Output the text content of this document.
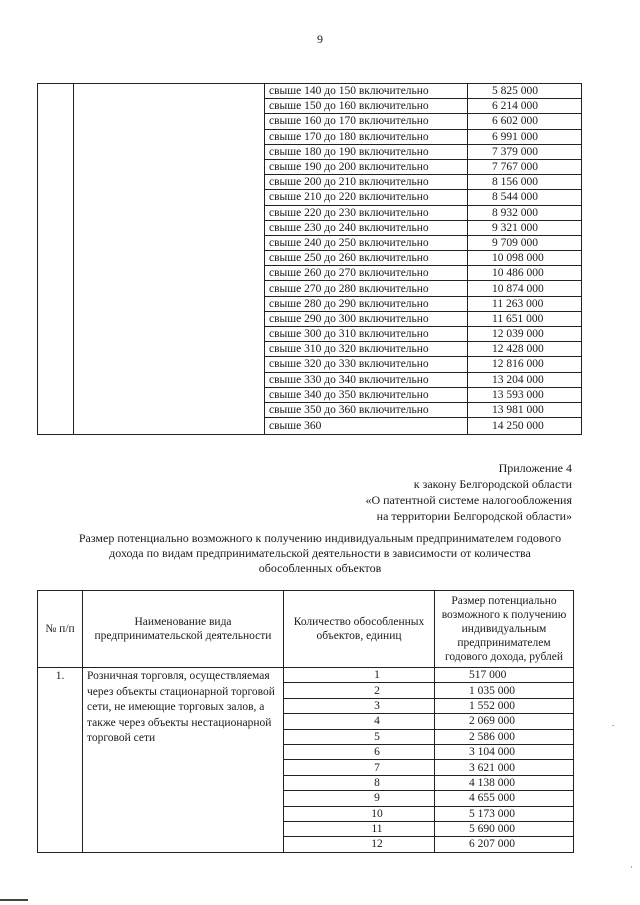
9
		свыше 140 до 150 включительно	5 825 000
		свыше 150 до 160 включительно	6 214 000
		свыше 160 до 170 включительно	6 602 000
		свыше 170 до 180 включительно	6 991 000
		свыше 180 до 190 включительно	7 379 000
		свыше 190 до 200 включительно	7 767 000
		свыше 200 до 210 включительно	8 156 000
		свыше 210 до 220 включительно	8 544 000
		свыше 220 до 230 включительно	8 932 000
		свыше 230 до 240 включительно	9 321 000
		свыше 240 до 250 включительно	9 709 000
		свыше 250 до 260 включительно	10 098 000
		свыше 260 до 270 включительно	10 486 000
		свыше 270 до 280 включительно	10 874 000
		свыше 280 до 290 включительно	11 263 000
		свыше 290 до 300 включительно	11 651 000
		свыше 300 до 310 включительно	12 039 000
		свыше 310 до 320 включительно	12 428 000
		свыше 320 до 330 включительно	12 816 000
		свыше 330 до 340 включительно	13 204 000
		свыше 340 до 350 включительно	13 593 000
		свыше 350 до 360 включительно	13 981 000
		свыше 360	14 250 000
Приложение 4
к закону Белгородской области
«О патентной системе налогообложения
на территории Белгородской области»
Размер потенциально возможного к получению индивидуальным предпринимателем годового
дохода по видам предпринимательской деятельности в зависимости от количества
обособленных объектов
№ п/п	Наименование вида предпринимательской деятельности	Количество обособленных объектов, единиц	Размер потенциально возможного к получению индивидуальным предпринимателем годового дохода, рублей
1.	Розничная торговля, осуществляемая через объекты стационарной торговой сети, не имеющие торговых залов, а также через объекты нестационарной торговой сети	1	517 000
		2	1 035 000
		3	1 552 000
		4	2 069 000
		5	2 586 000
		6	3 104 000
		7	3 621 000
		8	4 138 000
		9	4 655 000
		10	5 173 000
		11	5 690 000
		12	6 207 000
.
·
